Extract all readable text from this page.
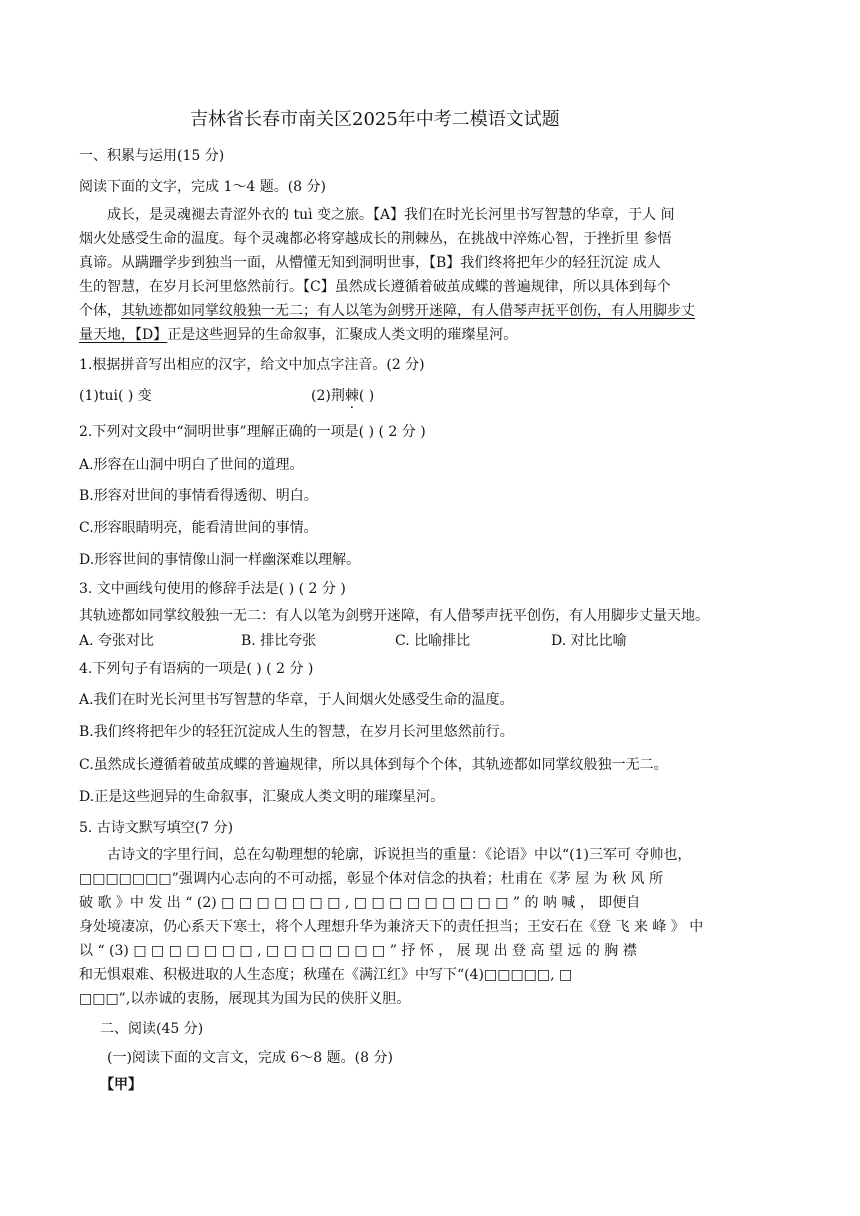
吉林省长春市南关区2025年中考二模语文试题
一、积累与运用(15 分)
阅读下面的文字，完成 1～4 题。(8 分)
成长，是灵魂褪去青涩外衣的 tuì 变之旅。【A】我们在时光长河里书写智慧的华章，于人 间
烟火处感受生命的温度。每个灵魂都必将穿越成长的荆棘丛，在挑战中淬炼心智，于挫折里 参悟
真谛。从蹒跚学步到独当一面，从懵懂无知到洞明世事，【B】我们终将把年少的轻狂沉淀 成人
生的智慧，在岁月长河里悠然前行。【C】虽然成长遵循着破茧成蝶的普遍规律，所以具体到每个
个体，其轨迹都如同掌纹般独一无二；有人以笔为剑劈开迷障，有人借琴声抚平创伤，有人用脚步丈
量天地，【D】正是这些迥异的生命叙事，汇聚成人类文明的璀璨星河。
1.根据拼音写出相应的汉字，给文中加点字注音。(2 分)
(1)tui( ) 变	(2)荆棘( )
2.下列对文段中“洞明世事”理解正确的一项是( ) ( 2 分 )
A.形容在山洞中明白了世间的道理。
B.形容对世间的事情看得透彻、明白。
C.形容眼睛明亮，能看清世间的事情。
D.形容世间的事情像山洞一样幽深难以理解。
3. 文中画线句使用的修辞手法是( ) ( 2 分 )
其轨迹都如同掌纹般独一无二：有人以笔为剑劈开迷障，有人借琴声抚平创伤，有人用脚步丈量天地。
A. 夸张对比	B. 排比夸张	C. 比喻排比	D. 对比比喻
4.下列句子有语病的一项是( ) ( 2 分 )
A.我们在时光长河里书写智慧的华章，于人间烟火处感受生命的温度。
B.我们终将把年少的轻狂沉淀成人生的智慧，在岁月长河里悠然前行。
C.虽然成长遵循着破茧成蝶的普遍规律，所以具体到每个个体，其轨迹都如同掌纹般独一无二。
D.正是这些迥异的生命叙事，汇聚成人类文明的璀璨星河。
5. 古诗文默写填空(7 分)
古诗文的字里行间，总在勾勒理想的轮廓，诉说担当的重量：《论语》中以“(1)三军可 夺帅也，
□□□□□□□”强调内心志向的不可动摇，彰显个体对信念的执着；杜甫在《茅 屋 为 秋 风 所
破 歌 》中 发 出 “ (2) □ □ □ □ □ □ □ , □ □ □ □ □ □ □ □ □ ” 的 呐 喊 ， 即便自
身处境凄凉，仍心系天下寒士，将个人理想升华为兼济天下的责任担当；王安石在《登 飞 来 峰 》 中
以 “ (3) □ □ □ □ □ □ □ , □ □ □ □ □ □ □ ” 抒 怀 ， 展 现 出 登 高 望 远 的 胸 襟
和无惧艰难、积极进取的人生态度；秋瑾在《满江红》中写下“(4)□□□□□, □
□□□”,以赤诚的衷肠，展现其为国为民的侠肝义胆。
二、阅读(45 分)
(一)阅读下面的文言文，完成 6～8 题。(8 分)
【甲】
